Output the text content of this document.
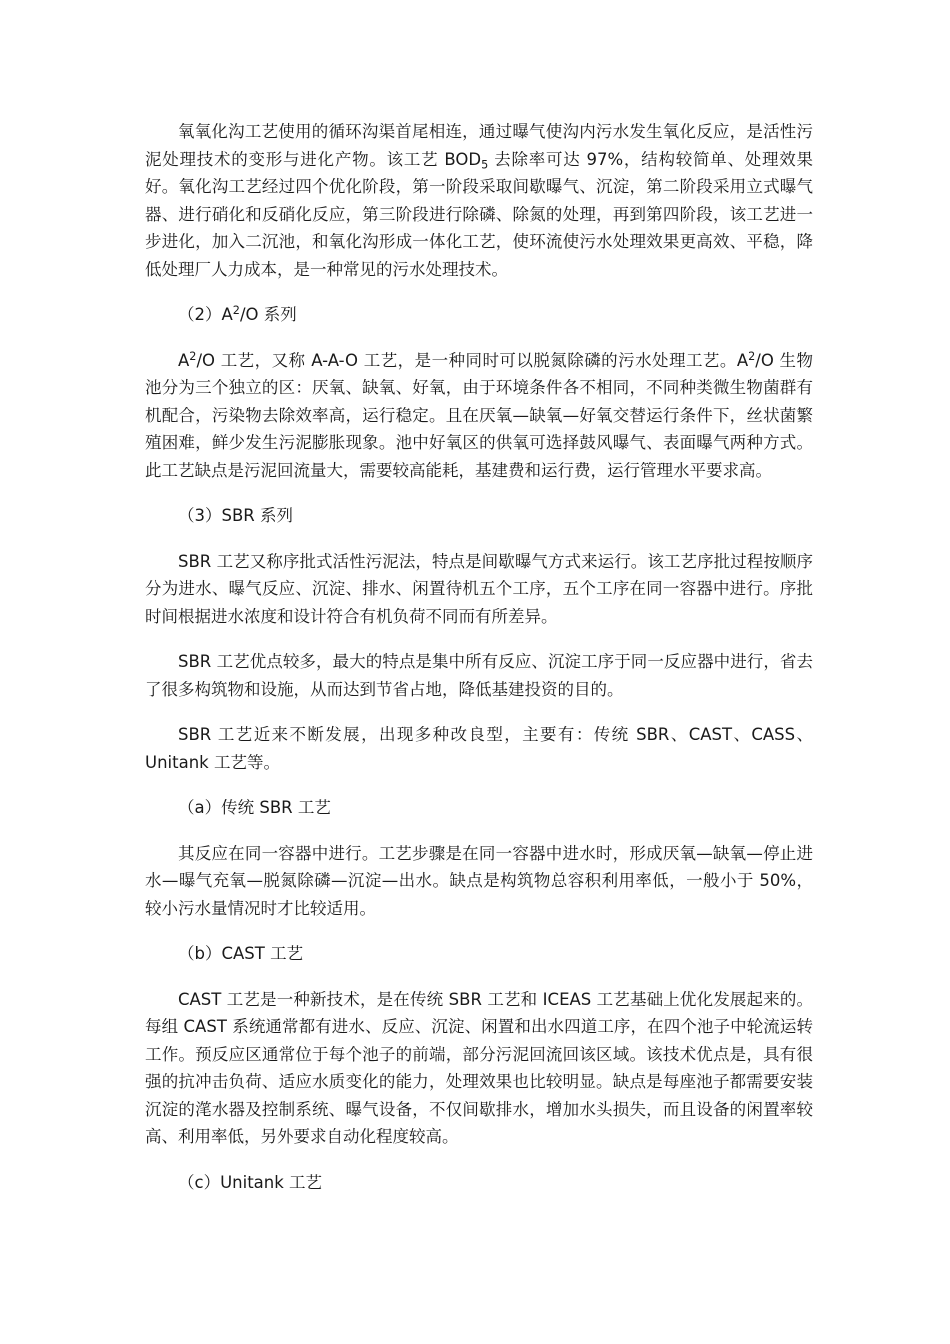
氧氧化沟工艺使用的循环沟渠首尾相连，通过曝气使沟内污水发生氧化反应，是活性污泥处理技术的变形与进化产物。该工艺 $BOD_5$ 去除率可达 97%，结构较简单、处理效果好。氧化沟工艺经过四个优化阶段，第一阶段采取间歇曝气、沉淀，第二阶段采用立式曝气器、进行硝化和反硝化反应，第三阶段进行除磷、除氮的处理，再到第四阶段，该工艺进一步进化，加入二沉池，和氧化沟形成一体化工艺，使环流使污水处理效果更高效、平稳，降低处理厂人力成本，是一种常见的污水处理技术。

$(2)A^2/O$ 系列

$A^2/O$ 工艺，又称 A-A-O 工艺，是一种同时可以脱氮除磷的污水处理工艺。$A^2/O$ 生物池分为三个独立的区：厌氧、缺氧、好氧，由于环境条件各不相同，不同种类微生物菌群有机配合，污染物去除效率高，运行稳定。且在厌氧—缺氧—好氧交替运行条件下，丝状菌繁殖困难，鲜少发生污泥膨胀现象。池中好氧区的供氧可选择鼓风曝气、表面曝气两种方式。此工艺缺点是污泥回流量大，需要较高能耗，基建费和运行费，运行管理水平要求高。

（3）SBR 系列

SBR 工艺又称序批式活性污泥法，特点是间歇曝气方式来运行。该工艺序批过程按顺序分为进水、曝气反应、沉淀、排水、闲置待机五个工序，五个工序在同一容器中进行。序批时间根据进水浓度和设计符合有机负荷不同而有所差异。

SBR 工艺优点较多，最大的特点是集中所有反应、沉淀工序于同一反应器中进行，省去了很多构筑物和设施，从而达到节省占地，降低基建投资的目的。

SBR 工艺近来不断发展，出现多种改良型，主要有：传统 SBR、CAST、CASS、Unitank 工艺等。

（a）传统 SBR 工艺

其反应在同一容器中进行。工艺步骤是在同一容器中进水时，形成厌氧—缺氧—停止进水—曝气充氧—脱氮除磷—沉淀—出水。缺点是构筑物总容积利用率低，一般小于 50%，较小污水量情况时才比较适用。

（b）CAST 工艺

CAST 工艺是一种新技术，是在传统 SBR 工艺和 ICEAS 工艺基础上优化发展起来的。每组 CAST 系统通常都有进水、反应、沉淀、闲置和出水四道工序，在四个池子中轮流运转工作。预反应区通常位于每个池子的前端，部分污泥回流回该区域。该技术优点是，具有很强的抗冲击负荷、适应水质变化的能力，处理效果也比较明显。缺点是每座池子都需要安装沉淀的滗水器及控制系统、曝气设备，不仅间歇排水，增加水头损失，而且设备的闲置率较高、利用率低，另外要求自动化程度较高。

（c）Unitank 工艺
